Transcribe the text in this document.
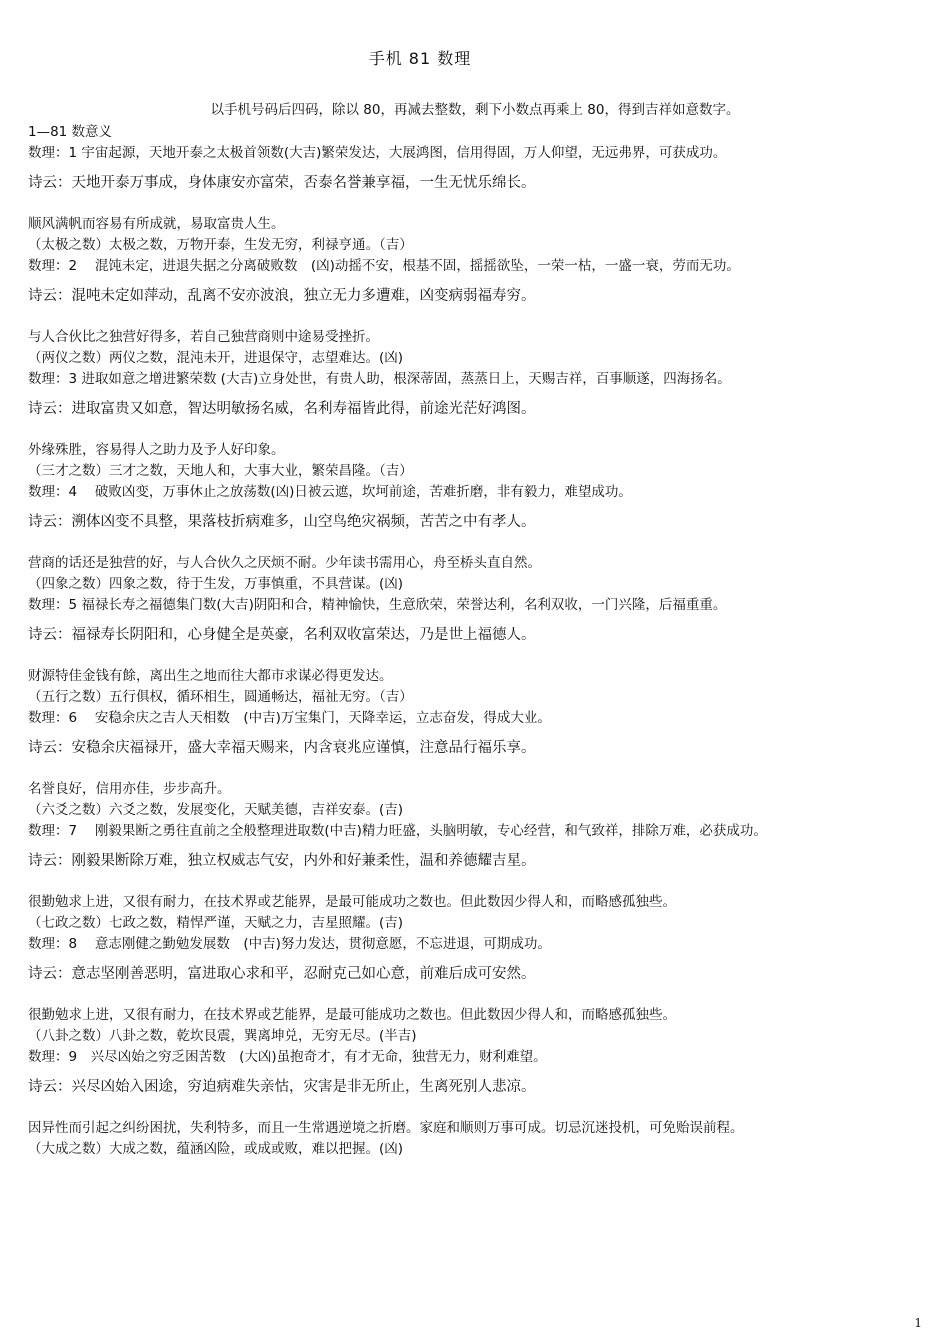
手机 81 数理
以手机号码后四码，除以 80，再减去整数，剩下小数点再乘上 80，得到吉祥如意数字。
1—81 数意义
数理：1 宇宙起源，天地开泰之太极首领数(大吉)繁荣发达，大展鸿图，信用得固，万人仰望，无远弗界，可获成功。
诗云：天地开泰万事成，身体康安亦富荣，否泰名誉兼享福，一生无忧乐绵长。
顺风满帆而容易有所成就，易取富贵人生。
（太极之数）太极之数，万物开泰，生发无穷，利禄亨通。（吉）
数理：2　 混饨未定，进退失据之分离破败数　(凶)动摇不安，根基不固，摇摇欲坠，一荣一枯，一盛一衰，劳而无功。
诗云：混吨未定如萍动，乱离不安亦波浪，独立无力多遭难，凶变病弱福寿穷。
与人合伙比之独营好得多，若自己独营商则中途易受挫折。
（两仪之数）两仪之数，混沌未开，进退保守，志望难达。(凶)
数理：3 进取如意之增进繁荣数 (大吉)立身处世，有贵人助，根深蒂固，蒸蒸日上，天赐吉祥，百事顺遂，四海扬名。
诗云：进取富贵又如意，智达明敏扬名威，名利寿福皆此得，前途光茫好鸿图。
外缘殊胜，容易得人之助力及予人好印象。
（三才之数）三才之数，天地人和，大事大业，繁荣昌隆。（吉）
数理：4　 破败凶变，万事休止之放荡数(凶)日被云遮，坎坷前途，苦难折磨，非有毅力，难望成功。
诗云：溯体凶变不具整，果落枝折病难多，山空鸟绝灾祸频，苦苦之中有孝人。
营商的话还是独营的好，与人合伙久之厌烦不耐。少年读书需用心，舟至桥头直自然。
（四象之数）四象之数，待于生发，万事慎重，不具营谋。(凶)
数理：5 福禄长寿之福德集门数(大吉)阴阳和合，精神愉快，生意欣荣，荣誉达利，名利双收，一门兴隆，后福重重。
诗云：福禄寿长阴阳和，心身健全是英豪，名利双收富荣达，乃是世上福德人。
财源特佳金钱有餘，离出生之地而往大都市求谋必得更发达。
（五行之数）五行俱权，循环相生，圆通畅达，福祉无穷。（吉）
数理：6　 安稳余庆之吉人天相数　(中吉)万宝集门，天降幸运，立志奋发，得成大业。
诗云：安稳余庆福禄开，盛大幸福天赐来，内含衰兆应谨慎，注意品行福乐享。
名誉良好，信用亦佳，步步高升。
（六爻之数）六爻之数，发展变化，天赋美德，吉祥安泰。(吉)
数理：7　 刚毅果断之勇往直前之全般整理进取数(中吉)精力旺盛，头脑明敏，专心经营，和气致祥，排除万难，必获成功。
诗云：刚毅果断除万难，独立权威志气安，内外和好兼柔性，温和养德耀吉星。
很勤勉求上进，又很有耐力，在技术界或艺能界，是最可能成功之数也。但此数因少得人和，而略感孤独些。
（七政之数）七政之数，精悍严谨，天赋之力，吉星照耀。(吉)
数理：8　 意志刚健之勤勉发展数　(中吉)努力发达，贯彻意愿，不忘进退，可期成功。
诗云：意志坚刚善恶明，富进取心求和平，忍耐克己如心意，前难后成可安然。
很勤勉求上进，又很有耐力，在技术界或艺能界，是最可能成功之数也。但此数因少得人和，而略感孤独些。
（八卦之数）八卦之数，乾坎艮震，巽离坤兑，无穷无尽。(半吉)
数理：9　兴尽凶始之穷乏困苦数　(大凶)虽抱奇才，有才无命，独营无力，财利难望。
诗云：兴尽凶始入困途，穷迫病难失亲怙，灾害是非无所止，生离死别人悲凉。
因异性而引起之纠纷困扰，失利特多，而且一生常遇逆境之折磨。家庭和顺则万事可成。切忌沉迷投机，可免贻误前程。
（大成之数）大成之数，蕴涵凶险，或成或败，难以把握。(凶)
1
